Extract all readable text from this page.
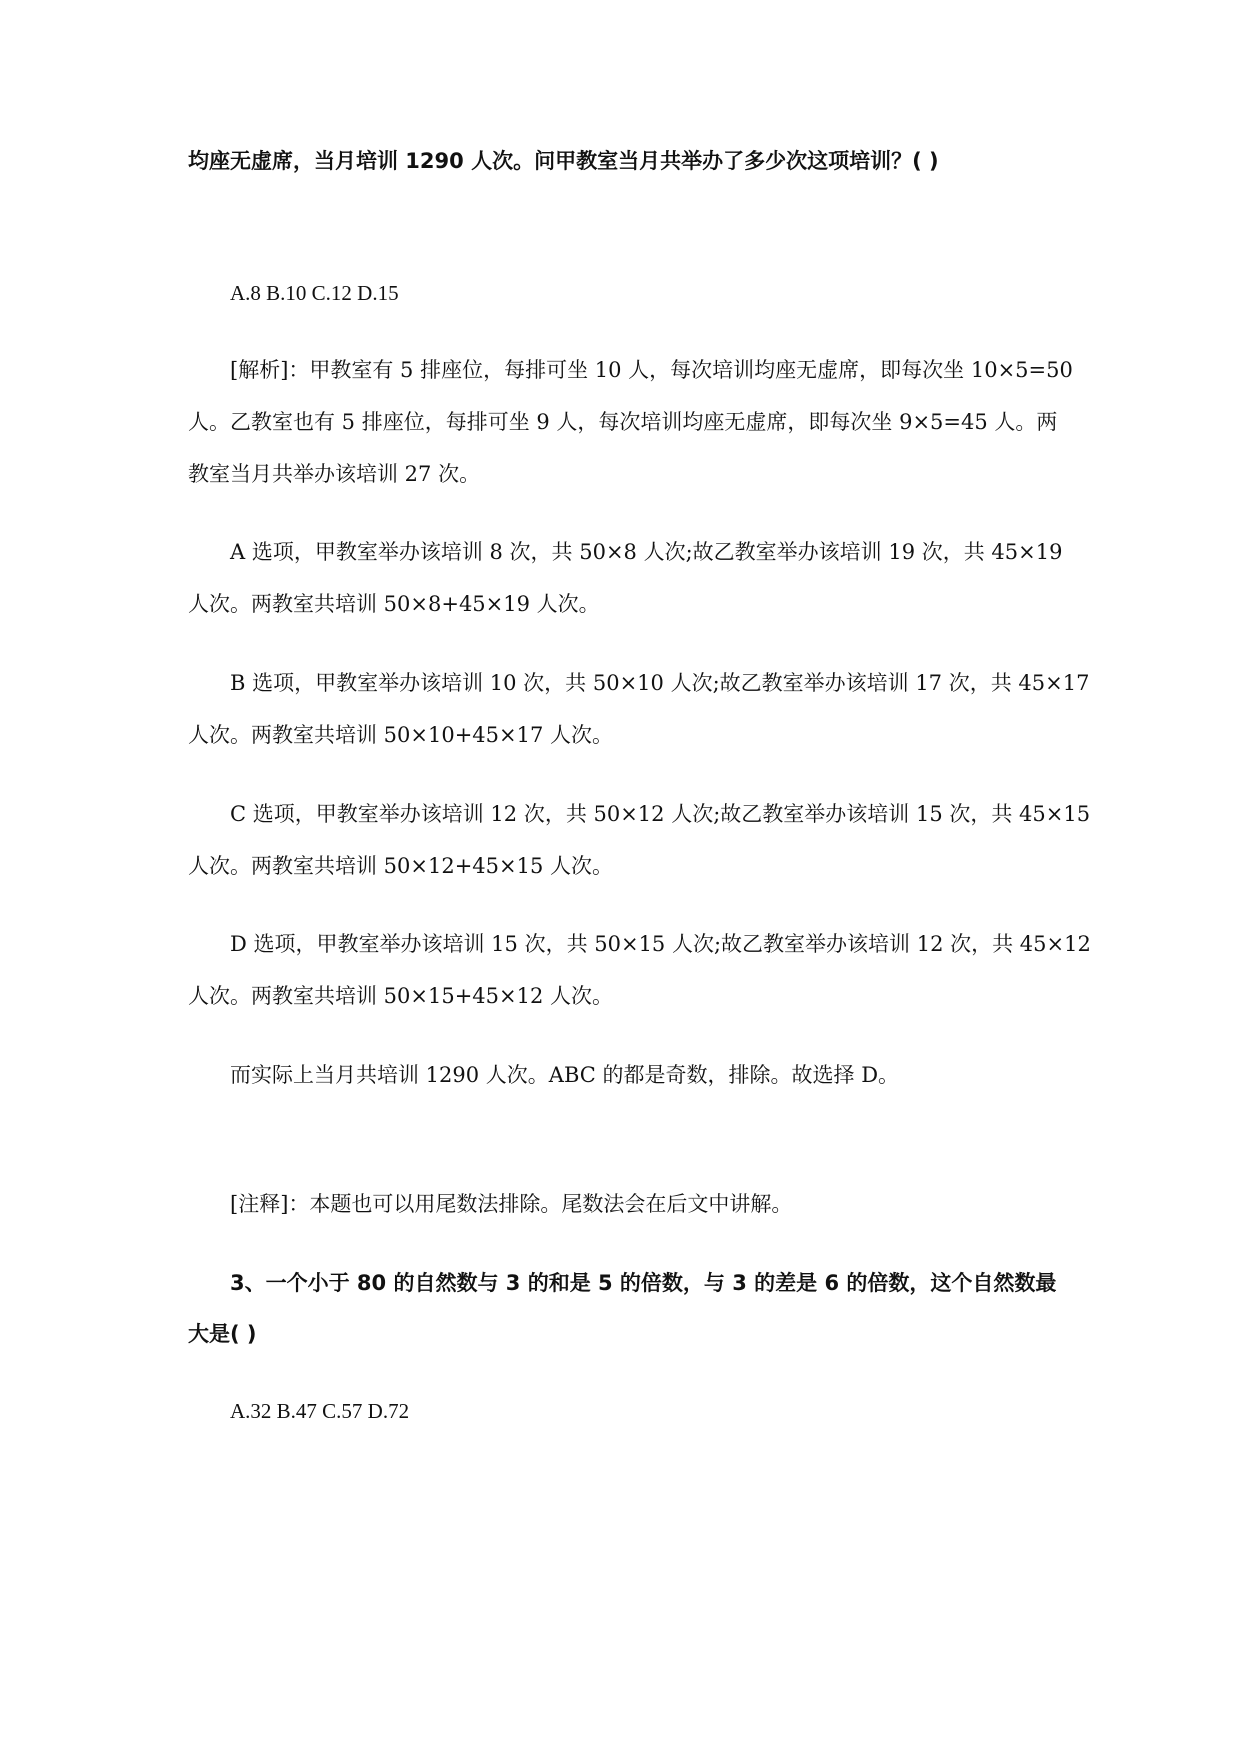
均座无虚席，当月培训 1290 人次。问甲教室当月共举办了多少次这项培训？( )
A.8 B.10 C.12 D.15
[解析]：甲教室有 5 排座位，每排可坐 10 人，每次培训均座无虚席，即每次坐 10×5=50
人。乙教室也有 5 排座位，每排可坐 9 人，每次培训均座无虚席，即每次坐 9×5=45 人。两
教室当月共举办该培训 27 次。
A 选项，甲教室举办该培训 8 次，共 50×8 人次;故乙教室举办该培训 19 次，共 45×19
人次。两教室共培训 50×8+45×19 人次。
B 选项，甲教室举办该培训 10 次，共 50×10 人次;故乙教室举办该培训 17 次，共 45×17
人次。两教室共培训 50×10+45×17 人次。
C 选项，甲教室举办该培训 12 次，共 50×12 人次;故乙教室举办该培训 15 次，共 45×15
人次。两教室共培训 50×12+45×15 人次。
D 选项，甲教室举办该培训 15 次，共 50×15 人次;故乙教室举办该培训 12 次，共 45×12
人次。两教室共培训 50×15+45×12 人次。
而实际上当月共培训 1290 人次。ABC 的都是奇数，排除。故选择 D。
[注释]：本题也可以用尾数法排除。尾数法会在后文中讲解。
3、一个小于 80 的自然数与 3 的和是 5 的倍数，与 3 的差是 6 的倍数，这个自然数最
大是( )
A.32 B.47 C.57 D.72
